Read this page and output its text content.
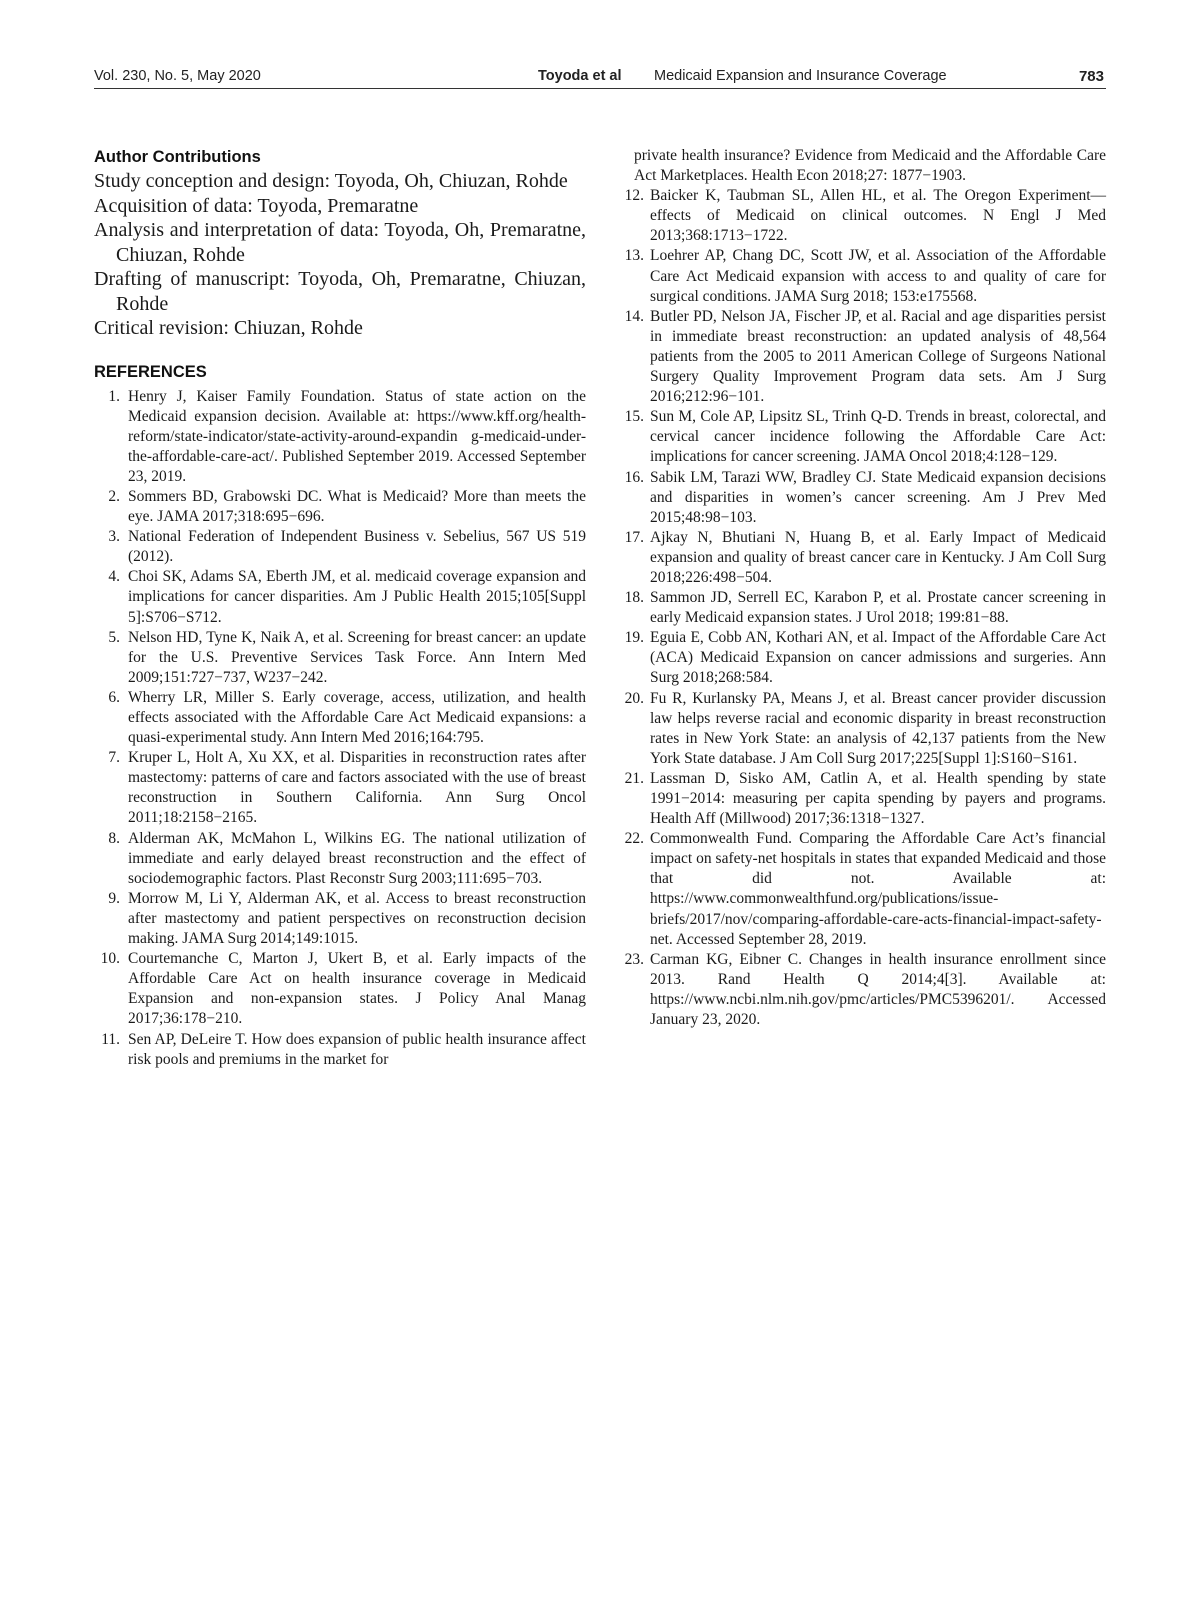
Vol. 230, No. 5, May 2020	Toyoda et al Medicaid Expansion and Insurance Coverage	783
Author Contributions

Study conception and design: Toyoda, Oh, Chiuzan, Rohde

Acquisition of data: Toyoda, Premaratne

Analysis and interpretation of data: Toyoda, Oh, Premaratne, Chiuzan, Rohde

Drafting of manuscript: Toyoda, Oh, Premaratne, Chiuzan, Rohde

Critical revision: Chiuzan, Rohde

REFERENCES
1. Henry J, Kaiser Family Foundation. Status of state action on the Medicaid expansion decision. Available at: https://www.kff.org/health-reform/state-indicator/state-activity-around-expandin g-medicaid-under-the-affordable-care-act/. Published September 2019. Accessed September 23, 2019.
2. Sommers BD, Grabowski DC. What is Medicaid? More than meets the eye. JAMA 2017;318:695−696.
3. National Federation of Independent Business v. Sebelius, 567 US 519 (2012).
4. Choi SK, Adams SA, Eberth JM, et al. medicaid coverage expansion and implications for cancer disparities. Am J Public Health 2015;105[Suppl 5]:S706−S712.
5. Nelson HD, Tyne K, Naik A, et al. Screening for breast cancer: an update for the U.S. Preventive Services Task Force. Ann Intern Med 2009;151:727−737, W237−242.
6. Wherry LR, Miller S. Early coverage, access, utilization, and health effects associated with the Affordable Care Act Medicaid expansions: a quasi-experimental study. Ann Intern Med 2016;164:795.
7. Kruper L, Holt A, Xu XX, et al. Disparities in reconstruction rates after mastectomy: patterns of care and factors associated with the use of breast reconstruction in Southern California. Ann Surg Oncol 2011;18:2158−2165.
8. Alderman AK, McMahon L, Wilkins EG. The national utilization of immediate and early delayed breast reconstruction and the effect of sociodemographic factors. Plast Reconstr Surg 2003;111:695−703.
9. Morrow M, Li Y, Alderman AK, et al. Access to breast reconstruction after mastectomy and patient perspectives on reconstruction decision making. JAMA Surg 2014;149:1015.
10. Courtemanche C, Marton J, Ukert B, et al. Early impacts of the Affordable Care Act on health insurance coverage in Medicaid Expansion and non-expansion states. J Policy Anal Manag 2017;36:178−210.
11. Sen AP, DeLeire T. How does expansion of public health insurance affect risk pools and premiums in the market for

private health insurance? Evidence from Medicaid and the Affordable Care Act Marketplaces. Health Econ 2018;27: 1877−1903.

12. Baicker K, Taubman SL, Allen HL, et al. The Oregon Experiment—effects of Medicaid on clinical outcomes. N Engl J Med 2013;368:1713−1722.
13. Loehrer AP, Chang DC, Scott JW, et al. Association of the Affordable Care Act Medicaid expansion with access to and quality of care for surgical conditions. JAMA Surg 2018; 153:e175568.
14. Butler PD, Nelson JA, Fischer JP, et al. Racial and age disparities persist in immediate breast reconstruction: an updated analysis of 48,564 patients from the 2005 to 2011 American College of Surgeons National Surgery Quality Improvement Program data sets. Am J Surg 2016;212:96−101.
15. Sun M, Cole AP, Lipsitz SL, Trinh Q-D. Trends in breast, colorectal, and cervical cancer incidence following the Affordable Care Act: implications for cancer screening. JAMA Oncol 2018;4:128−129.
16. Sabik LM, Tarazi WW, Bradley CJ. State Medicaid expansion decisions and disparities in women’s cancer screening. Am J Prev Med 2015;48:98−103.
17. Ajkay N, Bhutiani N, Huang B, et al. Early Impact of Medicaid expansion and quality of breast cancer care in Kentucky. J Am Coll Surg 2018;226:498−504.
18. Sammon JD, Serrell EC, Karabon P, et al. Prostate cancer screening in early Medicaid expansion states. J Urol 2018; 199:81−88.
19. Eguia E, Cobb AN, Kothari AN, et al. Impact of the Affordable Care Act (ACA) Medicaid Expansion on cancer admissions and surgeries. Ann Surg 2018;268:584.
20. Fu R, Kurlansky PA, Means J, et al. Breast cancer provider discussion law helps reverse racial and economic disparity in breast reconstruction rates in New York State: an analysis of 42,137 patients from the New York State database. J Am Coll Surg 2017;225[Suppl 1]:S160−S161.
21. Lassman D, Sisko AM, Catlin A, et al. Health spending by state 1991−2014: measuring per capita spending by payers and programs. Health Aff (Millwood) 2017;36:1318−1327.
22. Commonwealth Fund. Comparing the Affordable Care Act’s financial impact on safety-net hospitals in states that expanded Medicaid and those that did not. Available at: https://www.commonwealthfund.org/publications/issue-briefs/2017/nov/comparing-affordable-care-acts-financial-impact-safety-net. Accessed September 28, 2019.
23. Carman KG, Eibner C. Changes in health insurance enrollment since 2013. Rand Health Q 2014;4[3]. Available at: https://www.ncbi.nlm.nih.gov/pmc/articles/PMC5396201/. Accessed January 23, 2020.
